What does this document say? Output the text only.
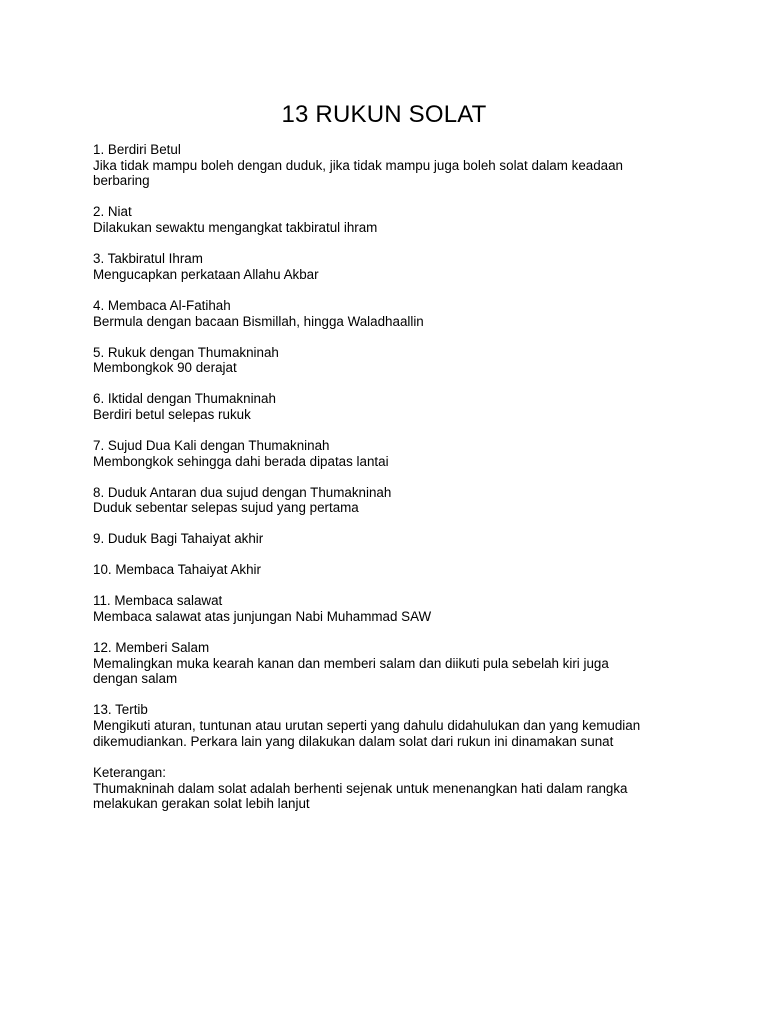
13 RUKUN SOLAT

1. Berdiri Betul

Jika tidak mampu boleh dengan duduk, jika tidak mampu juga boleh solat dalam keadaan

berbaring

2. Niat

Dilakukan sewaktu mengangkat takbiratul ihram

3. Takbiratul Ihram

Mengucapkan perkataan Allahu Akbar

4. Membaca Al-Fatihah

Bermula dengan bacaan Bismillah, hingga Waladhaallin

5. Rukuk dengan Thumakninah

Membongkok 90 derajat

6. Iktidal dengan Thumakninah

Berdiri betul selepas rukuk

7. Sujud Dua Kali dengan Thumakninah

Membongkok sehingga dahi berada dipatas lantai

8. Duduk Antaran dua sujud dengan Thumakninah

Duduk sebentar selepas sujud yang pertama

9. Duduk Bagi Tahaiyat akhir

10. Membaca Tahaiyat Akhir

11. Membaca salawat

Membaca salawat atas junjungan Nabi Muhammad SAW

12. Memberi Salam

Memalingkan muka kearah kanan dan memberi salam dan diikuti pula sebelah kiri juga

dengan salam

13. Tertib

Mengikuti aturan, tuntunan atau urutan seperti yang dahulu didahulukan dan yang kemudian

dikemudiankan. Perkara lain yang dilakukan dalam solat dari rukun ini dinamakan sunat

Keterangan:

Thumakninah dalam solat adalah berhenti sejenak untuk menenangkan hati dalam rangka

melakukan gerakan solat lebih lanjut
